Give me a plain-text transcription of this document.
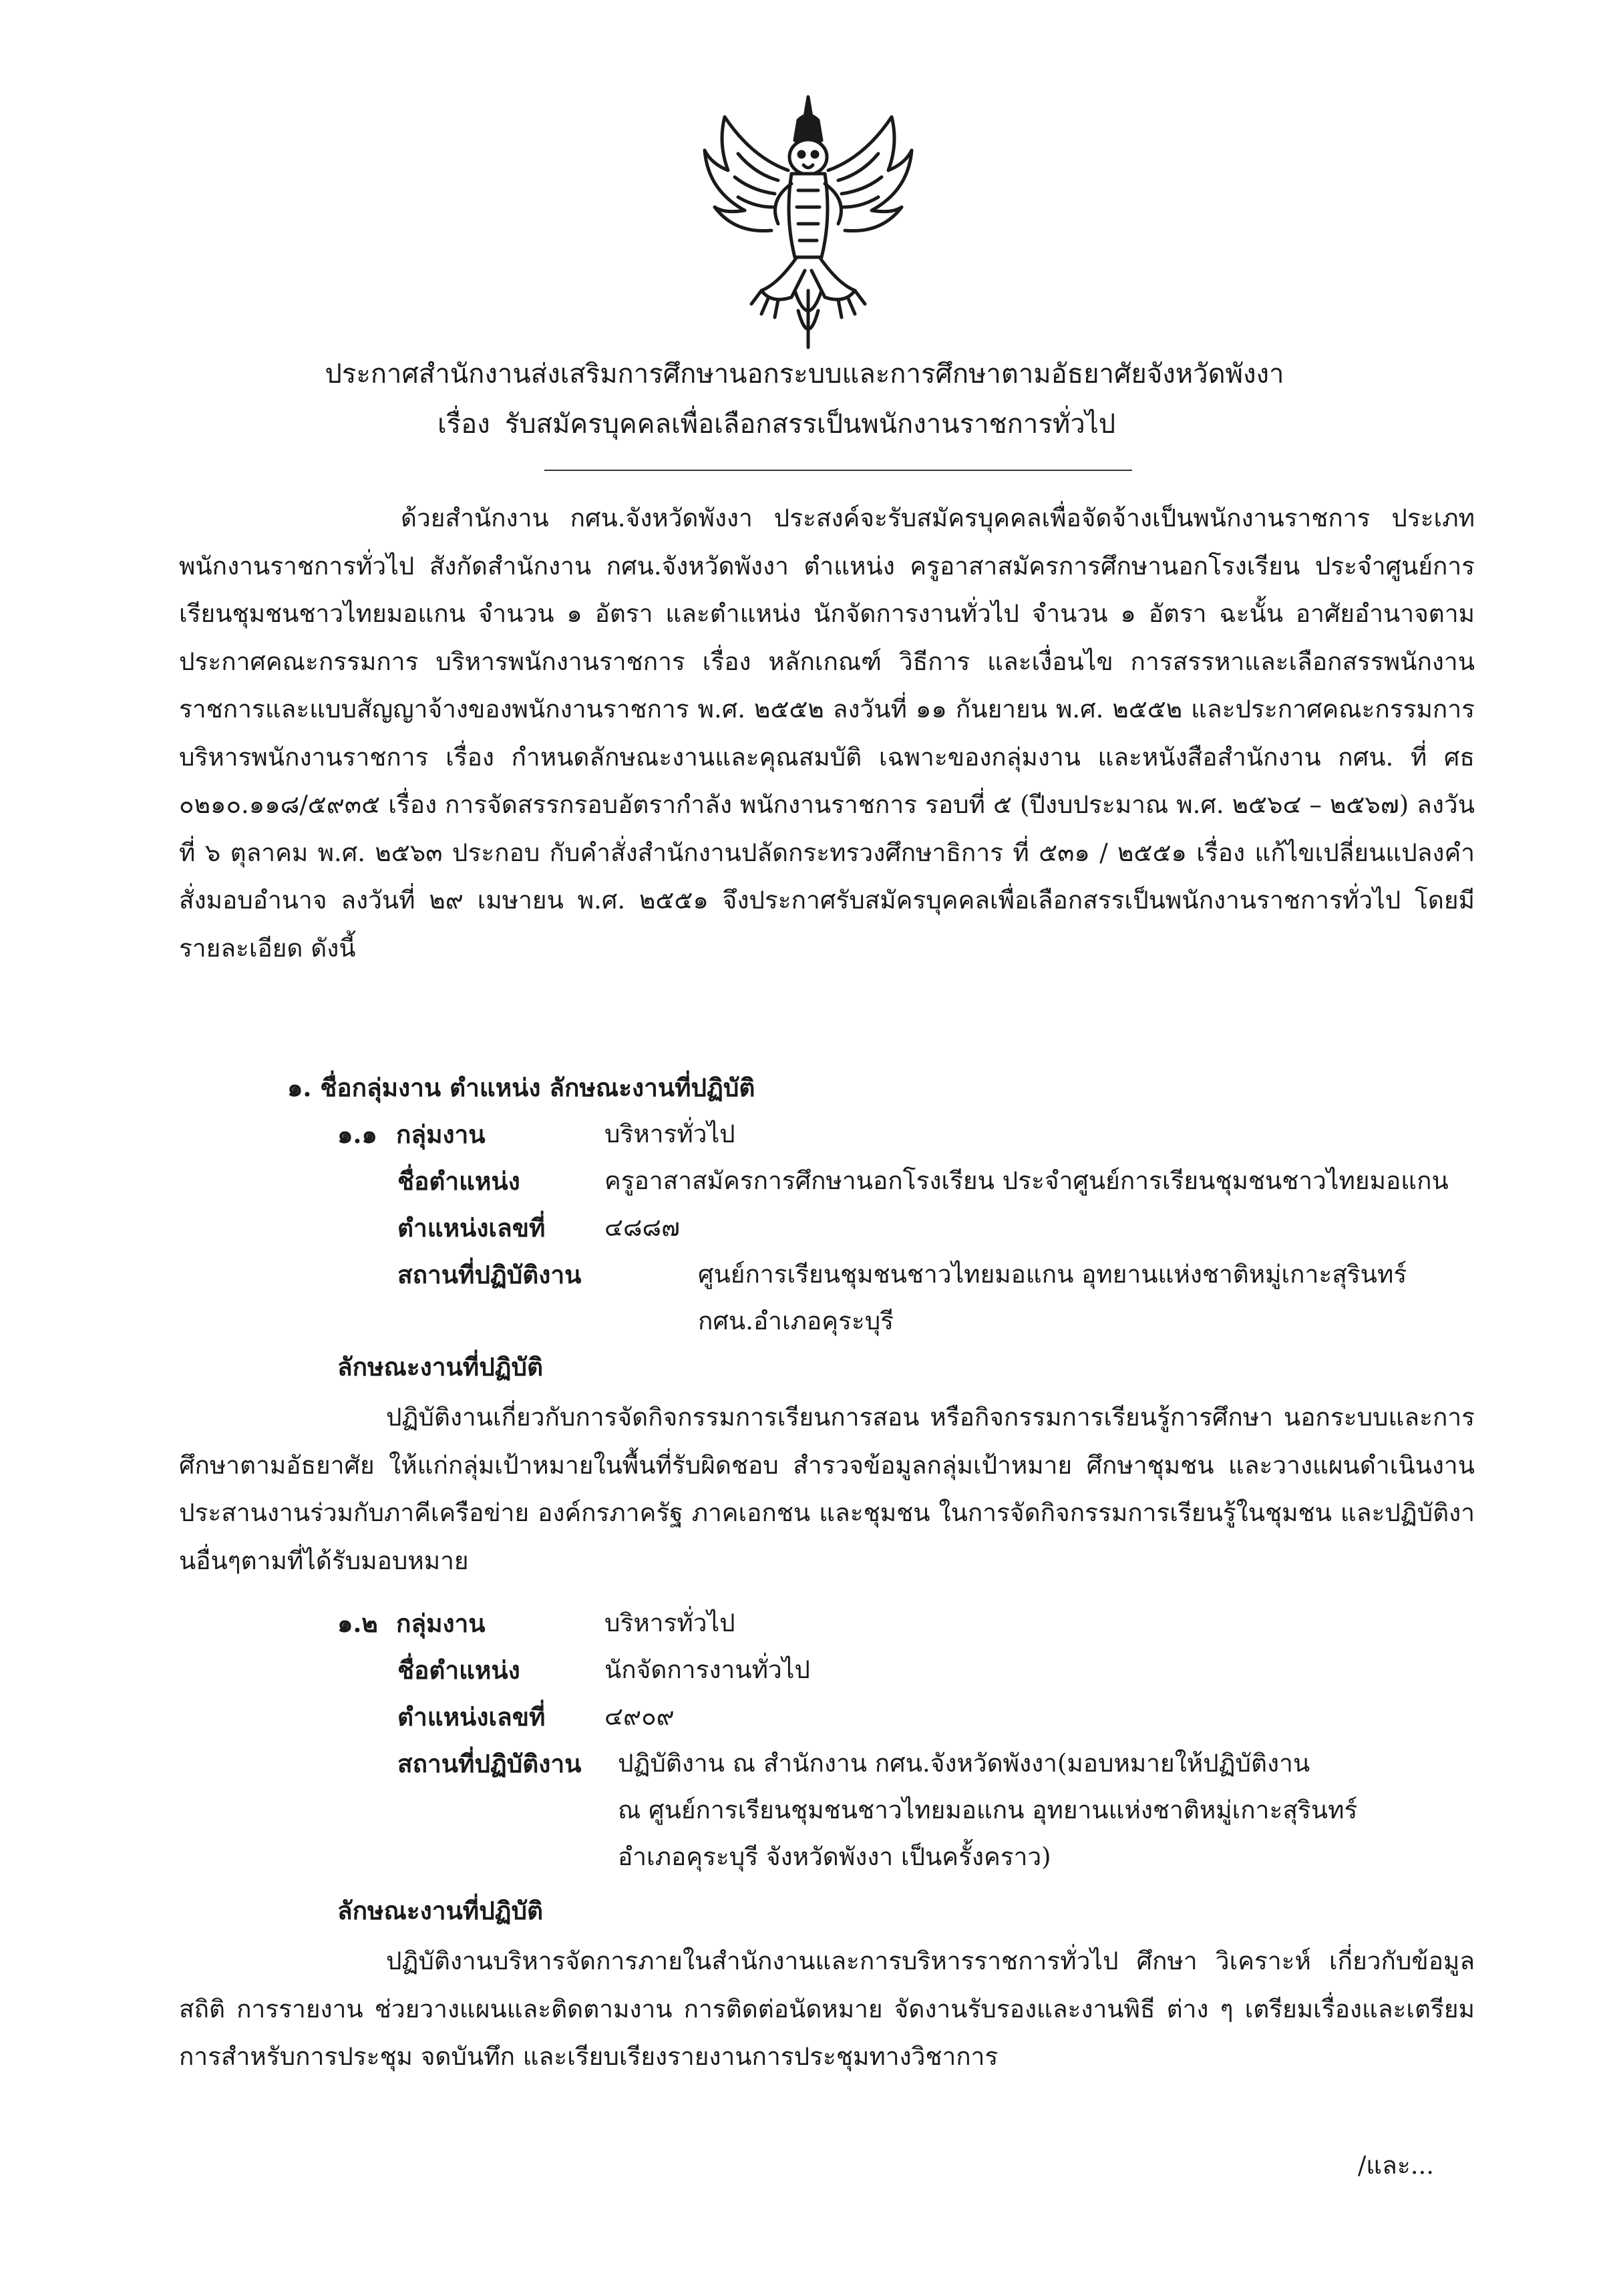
ประกาศสำนักงานส่งเสริมการศึกษานอกระบบและการศึกษาตามอัธยาศัยจังหวัดพังงา
เรื่อง รับสมัครบุคคลเพื่อเลือกสรรเป็นพนักงานราชการทั่วไป
ด้วยสำนักงาน กศน.จังหวัดพังงา ประสงค์จะรับสมัครบุคคลเพื่อจัดจ้างเป็นพนักงานราชการ ประเภทพนักงานราชการทั่วไป สังกัดสำนักงาน กศน.จังหวัดพังงา ตำแหน่ง ครูอาสาสมัครการศึกษานอกโรงเรียน ประจำศูนย์การเรียนชุมชนชาวไทยมอแกน จำนวน ๑ อัตรา และตำแหน่ง นักจัดการงานทั่วไป จำนวน ๑ อัตรา ฉะนั้น อาศัยอำนาจตามประกาศคณะกรรมการ บริหารพนักงานราชการ เรื่อง หลักเกณฑ์ วิธีการ และเงื่อนไข การสรรหาและเลือกสรรพนักงานราชการและแบบสัญญาจ้างของพนักงานราชการ พ.ศ. ๒๕๕๒ ลงวันที่ ๑๑ กันยายน พ.ศ. ๒๕๕๒ และประกาศคณะกรรมการบริหารพนักงานราชการ เรื่อง กำหนดลักษณะงานและคุณสมบัติ เฉพาะของกลุ่มงาน และหนังสือสำนักงาน กศน. ที่ ศธ ๐๒๑๐.๑๑๘/๕๙๓๕ เรื่อง การจัดสรรกรอบอัตรากำลัง พนักงานราชการ รอบที่ ๕ (ปีงบประมาณ พ.ศ. ๒๕๖๔ – ๒๕๖๗) ลงวันที่ ๖ ตุลาคม พ.ศ. ๒๕๖๓ ประกอบ กับคำสั่งสำนักงานปลัดกระทรวงศึกษาธิการ ที่ ๕๓๑ / ๒๕๕๑ เรื่อง แก้ไขเปลี่ยนแปลงคำสั่งมอบอำนาจ ลงวันที่ ๒๙ เมษายน พ.ศ. ๒๕๕๑ จึงประกาศรับสมัครบุคคลเพื่อเลือกสรรเป็นพนักงานราชการทั่วไป โดยมี รายละเอียด ดังนี้
๑. ชื่อกลุ่มงาน ตำแหน่ง ลักษณะงานที่ปฏิบัติ
๑.๑ กลุ่มงาน	บริหารทั่วไป
ชื่อตำแหน่ง	ครูอาสาสมัครการศึกษานอกโรงเรียน ประจำศูนย์การเรียนชุมชนชาวไทยมอแกน
ตำแหน่งเลขที่ ๔๘๘๗
สถานที่ปฏิบัติงาน	ศูนย์การเรียนชุมชนชาวไทยมอแกน อุทยานแห่งชาติหมู่เกาะสุรินทร์
กศน.อำเภอคุระบุรี
ลักษณะงานที่ปฏิบัติ
ปฏิบัติงานเกี่ยวกับการจัดกิจกรรมการเรียนการสอน หรือกิจกรรมการเรียนรู้การศึกษา นอกระบบและการศึกษาตามอัธยาศัย ให้แก่กลุ่มเป้าหมายในพื้นที่รับผิดชอบ สำรวจข้อมูลกลุ่มเป้าหมาย ศึกษาชุมชน และวางแผนดำเนินงาน ประสานงานร่วมกับภาคีเครือข่าย องค์กรภาครัฐ ภาคเอกชน และชุมชน ในการจัดกิจกรรมการเรียนรู้ในชุมชน และปฏิบัติงานอื่นๆตามที่ได้รับมอบหมาย
๑.๒ กลุ่มงาน	บริหารทั่วไป
ชื่อตำแหน่ง	นักจัดการงานทั่วไป
ตำแหน่งเลขที่ ๔๙๐๙
สถานที่ปฏิบัติงาน ปฏิบัติงาน ณ สำนักงาน กศน.จังหวัดพังงา(มอบหมายให้ปฏิบัติงาน
ณ ศูนย์การเรียนชุมชนชาวไทยมอแกน อุทยานแห่งชาติหมู่เกาะสุรินทร์
อำเภอคุระบุรี จังหวัดพังงา เป็นครั้งคราว)
ลักษณะงานที่ปฏิบัติ
ปฏิบัติงานบริหารจัดการภายในสำนักงานและการบริหารราชการทั่วไป ศึกษา วิเคราะห์ เกี่ยวกับข้อมูล สถิติ การรายงาน ช่วยวางแผนและติดตามงาน การติดต่อนัดหมาย จัดงานรับรองและงานพิธี ต่าง ๆ เตรียมเรื่องและเตรียมการสำหรับการประชุม จดบันทึก และเรียบเรียงรายงานการประชุมทางวิชาการ
/และ...
